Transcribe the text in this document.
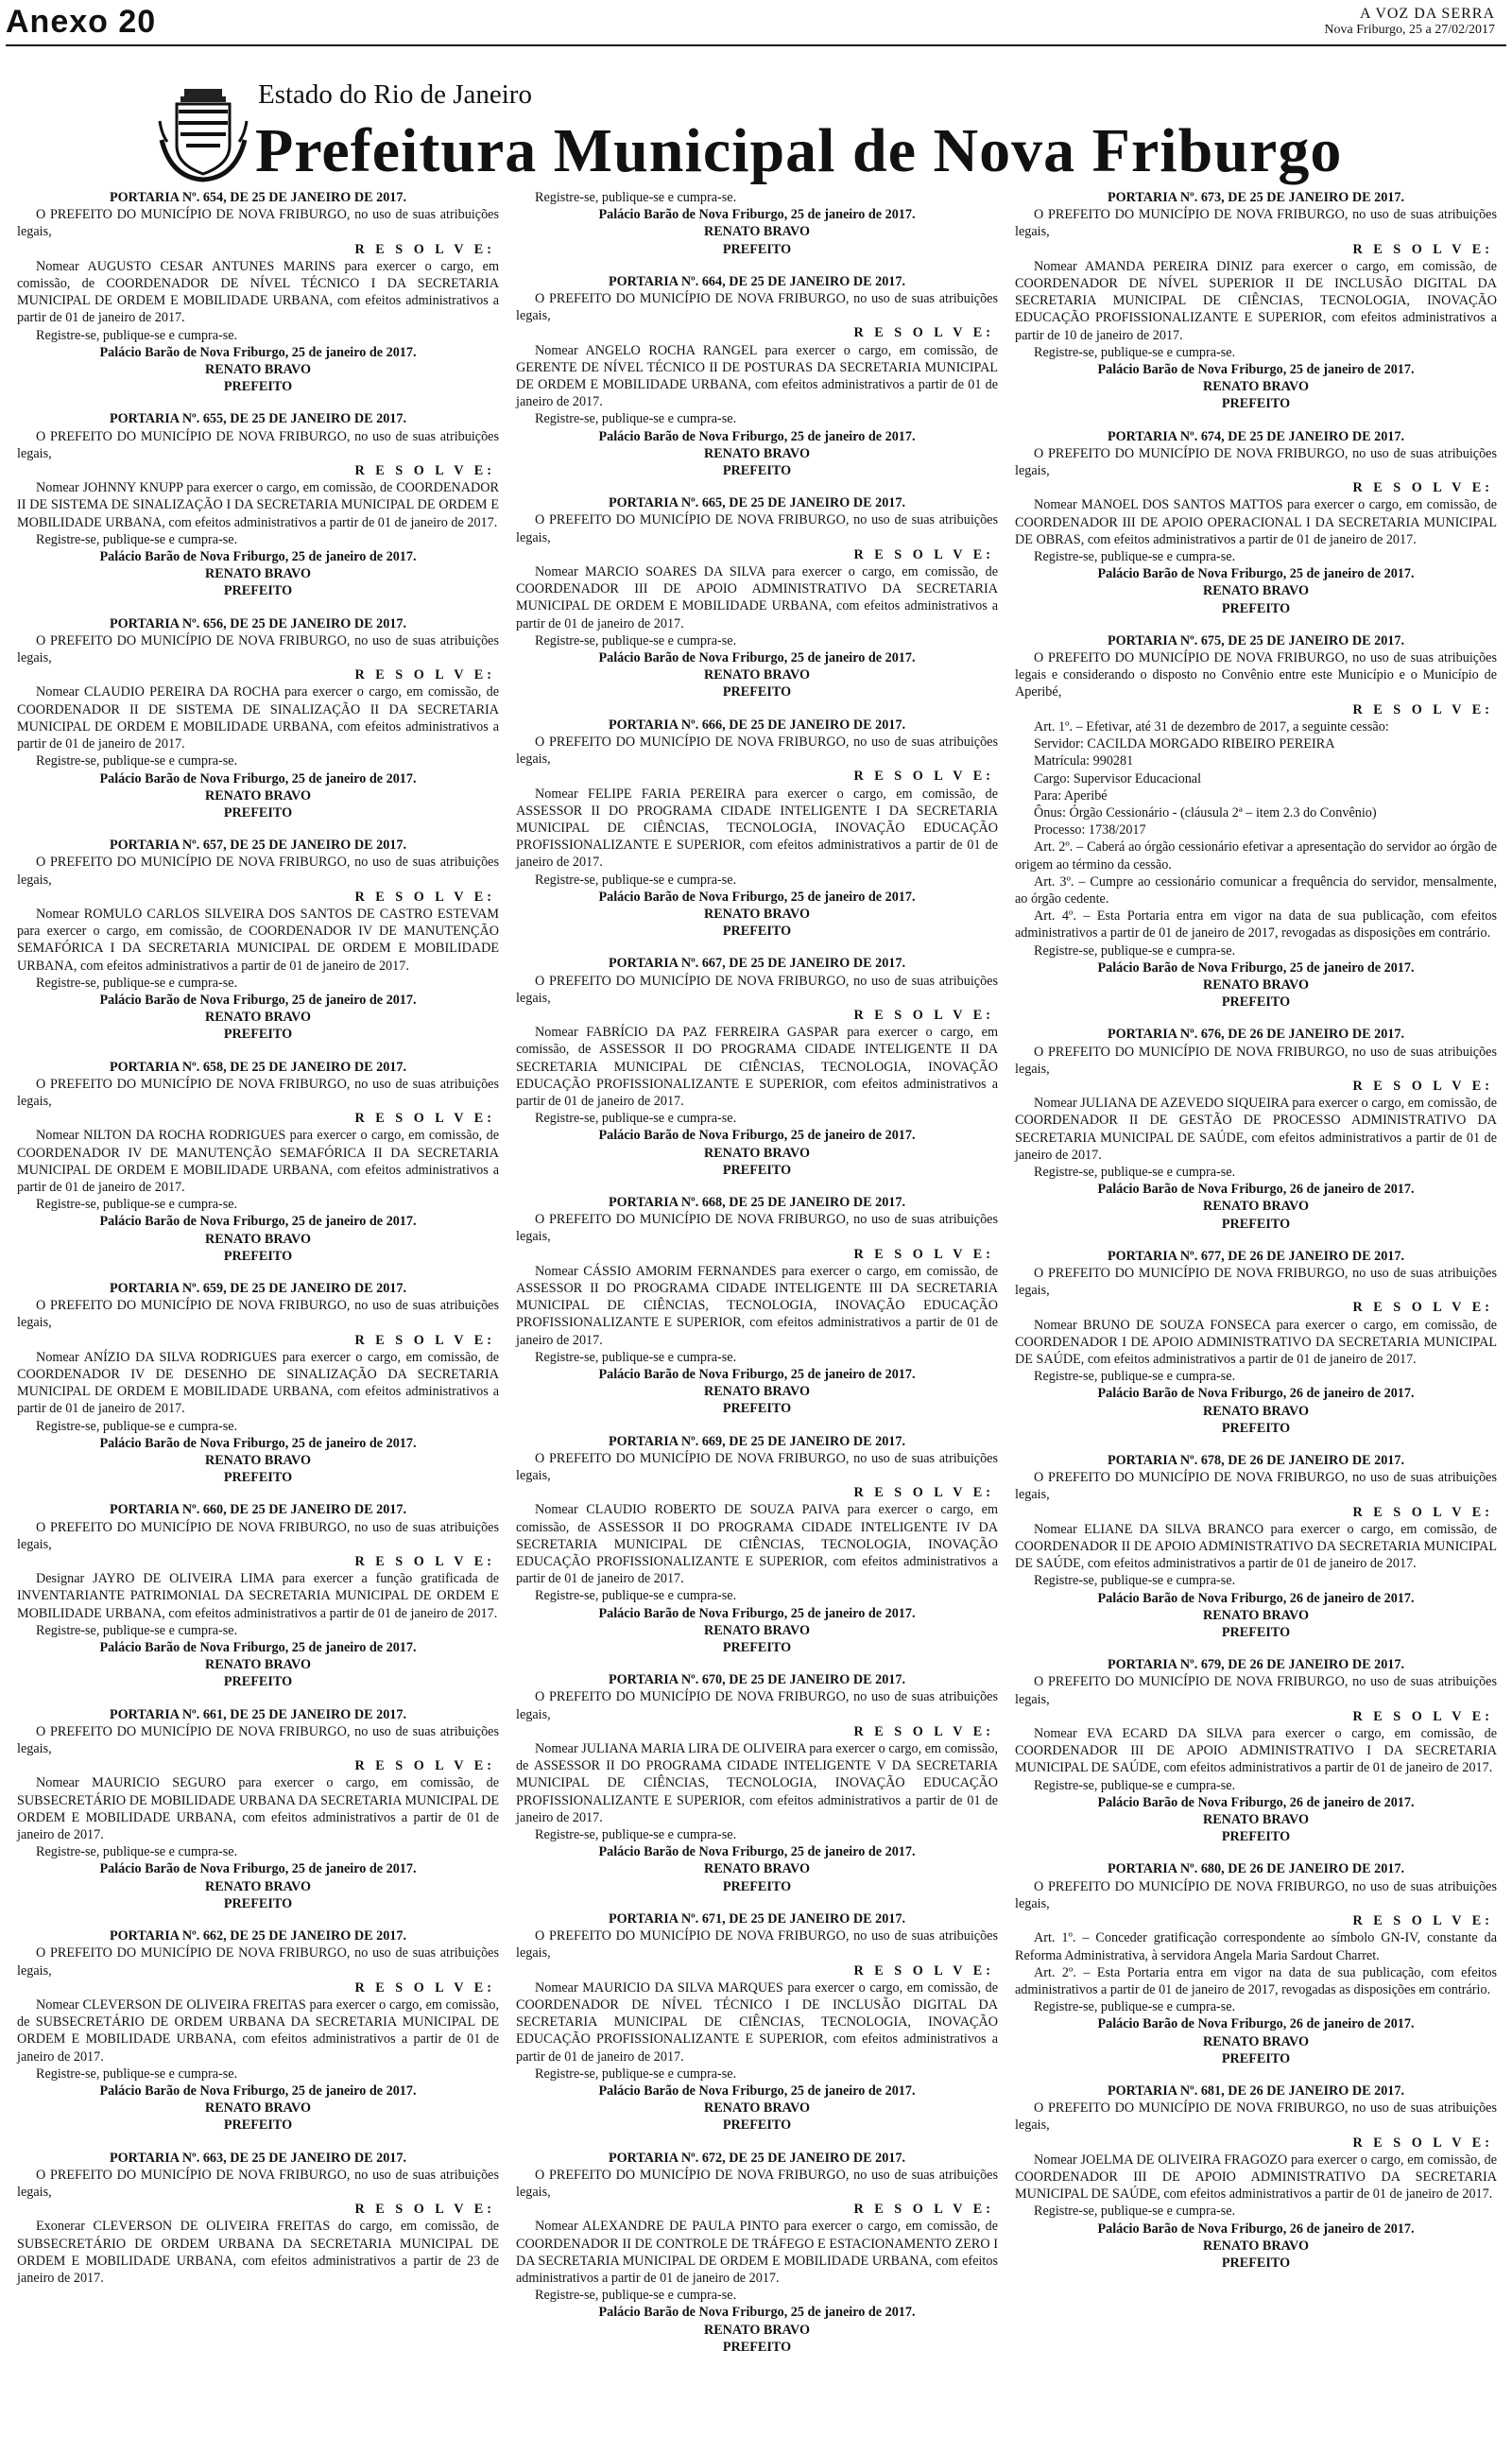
Anexo 20	A VOZ DA SERRA
Nova Friburgo, 25 a 27/02/2017
Estado do Rio de Janeiro
Prefeitura Municipal de Nova Friburgo
PORTARIA Nº. 654, DE 25 DE JANEIRO DE 2017.
O PREFEITO DO MUNICÍPIO DE NOVA FRIBURGO, no uso de suas atribuições legais,
R E S O L V E:
Nomear AUGUSTO CESAR ANTUNES MARINS para exercer o cargo, em comissão, de COORDENADOR DE NÍVEL TÉCNICO I DA SECRETARIA MUNICIPAL DE ORDEM E MOBILIDADE URBANA, com efeitos administrativos a partir de 01 de janeiro de 2017.
Registre-se, publique-se e cumpra-se.
Palácio Barão de Nova Friburgo, 25 de janeiro de 2017.
RENATO BRAVO
PREFEITO
PORTARIA Nº. 655, DE 25 DE JANEIRO DE 2017.
O PREFEITO DO MUNICÍPIO DE NOVA FRIBURGO, no uso de suas atribuições legais,
R E S O L V E:
Nomear JOHNNY KNUPP para exercer o cargo, em comissão, de COORDENADOR II DE SISTEMA DE SINALIZAÇÃO I DA SECRETARIA MUNICIPAL DE ORDEM E MOBILIDADE URBANA, com efeitos administrativos a partir de 01 de janeiro de 2017.
Registre-se, publique-se e cumpra-se.
Palácio Barão de Nova Friburgo, 25 de janeiro de 2017.
RENATO BRAVO
PREFEITO
PORTARIA Nº. 656, DE 25 DE JANEIRO DE 2017.
O PREFEITO DO MUNICÍPIO DE NOVA FRIBURGO, no uso de suas atribuições legais,
R E S O L V E:
Nomear CLAUDIO PEREIRA DA ROCHA para exercer o cargo, em comissão, de COORDENADOR II DE SISTEMA DE SINALIZAÇÃO II DA SECRETARIA MUNICIPAL DE ORDEM E MOBILIDADE URBANA, com efeitos administrativos a partir de 01 de janeiro de 2017.
Registre-se, publique-se e cumpra-se.
Palácio Barão de Nova Friburgo, 25 de janeiro de 2017.
RENATO BRAVO
PREFEITO
PORTARIA Nº. 657, DE 25 DE JANEIRO DE 2017.
O PREFEITO DO MUNICÍPIO DE NOVA FRIBURGO, no uso de suas atribuições legais,
R E S O L V E:
Nomear ROMULO CARLOS SILVEIRA DOS SANTOS DE CASTRO ESTEVAM para exercer o cargo, em comissão, de COORDENADOR IV DE MANUTENÇÃO SEMAFÓRICA I DA SECRETARIA MUNICIPAL DE ORDEM E MOBILIDADE URBANA, com efeitos administrativos a partir de 01 de janeiro de 2017.
Registre-se, publique-se e cumpra-se.
Palácio Barão de Nova Friburgo, 25 de janeiro de 2017.
RENATO BRAVO
PREFEITO
PORTARIA Nº. 658, DE 25 DE JANEIRO DE 2017.
O PREFEITO DO MUNICÍPIO DE NOVA FRIBURGO, no uso de suas atribuições legais,
R E S O L V E:
Nomear NILTON DA ROCHA RODRIGUES para exercer o cargo, em comissão, de COORDENADOR IV DE MANUTENÇÃO SEMAFÓRICA II DA SECRETARIA MUNICIPAL DE ORDEM E MOBILIDADE URBANA, com efeitos administrativos a partir de 01 de janeiro de 2017.
Registre-se, publique-se e cumpra-se.
Palácio Barão de Nova Friburgo, 25 de janeiro de 2017.
RENATO BRAVO
PREFEITO
PORTARIA Nº. 659, DE 25 DE JANEIRO DE 2017.
O PREFEITO DO MUNICÍPIO DE NOVA FRIBURGO, no uso de suas atribuições legais,
R E S O L V E:
Nomear ANÍZIO DA SILVA RODRIGUES para exercer o cargo, em comissão, de COORDENADOR IV DE DESENHO DE SINALIZAÇÃO DA SECRETARIA MUNICIPAL DE ORDEM E MOBILIDADE URBANA, com efeitos administrativos a partir de 01 de janeiro de 2017.
Registre-se, publique-se e cumpra-se.
Palácio Barão de Nova Friburgo, 25 de janeiro de 2017.
RENATO BRAVO
PREFEITO
PORTARIA Nº. 660, DE 25 DE JANEIRO DE 2017.
O PREFEITO DO MUNICÍPIO DE NOVA FRIBURGO, no uso de suas atribuições legais,
R E S O L V E:
Designar JAYRO DE OLIVEIRA LIMA para exercer a função gratificada de INVENTARIANTE PATRIMONIAL DA SECRETARIA MUNICIPAL DE ORDEM E MOBILIDADE URBANA, com efeitos administrativos a partir de 01 de janeiro de 2017.
Registre-se, publique-se e cumpra-se.
Palácio Barão de Nova Friburgo, 25 de janeiro de 2017.
RENATO BRAVO
PREFEITO
PORTARIA Nº. 661, DE 25 DE JANEIRO DE 2017.
O PREFEITO DO MUNICÍPIO DE NOVA FRIBURGO, no uso de suas atribuições legais,
R E S O L V E:
Nomear MAURICIO SEGURO para exercer o cargo, em comissão, de SUBSECRETÁRIO DE MOBILIDADE URBANA DA SECRETARIA MUNICIPAL DE ORDEM E MOBILIDADE URBANA, com efeitos administrativos a partir de 01 de janeiro de 2017.
Registre-se, publique-se e cumpra-se.
Palácio Barão de Nova Friburgo, 25 de janeiro de 2017.
RENATO BRAVO
PREFEITO
PORTARIA Nº. 662, DE 25 DE JANEIRO DE 2017.
O PREFEITO DO MUNICÍPIO DE NOVA FRIBURGO, no uso de suas atribuições legais,
R E S O L V E:
Nomear CLEVERSON DE OLIVEIRA FREITAS para exercer o cargo, em comissão, de SUBSECRETÁRIO DE ORDEM URBANA DA SECRETARIA MUNICIPAL DE ORDEM E MOBILIDADE URBANA, com efeitos administrativos a partir de 01 de janeiro de 2017.
Registre-se, publique-se e cumpra-se.
Palácio Barão de Nova Friburgo, 25 de janeiro de 2017.
RENATO BRAVO
PREFEITO
PORTARIA Nº. 663, DE 25 DE JANEIRO DE 2017.
O PREFEITO DO MUNICÍPIO DE NOVA FRIBURGO, no uso de suas atribuições legais,
R E S O L V E:
Exonerar CLEVERSON DE OLIVEIRA FREITAS do cargo, em comissão, de SUBSECRETÁRIO DE ORDEM URBANA DA SECRETARIA MUNICIPAL DE ORDEM E MOBILIDADE URBANA, com efeitos administrativos a partir de 23 de janeiro de 2017.
Registre-se, publique-se e cumpra-se.
Palácio Barão de Nova Friburgo, 25 de janeiro de 2017.
RENATO BRAVO
PREFEITO
PORTARIA Nº. 664, DE 25 DE JANEIRO DE 2017.
O PREFEITO DO MUNICÍPIO DE NOVA FRIBURGO, no uso de suas atribuições legais,
R E S O L V E:
Nomear ANGELO ROCHA RANGEL para exercer o cargo, em comissão, de GERENTE DE NÍVEL TÉCNICO II DE POSTURAS DA SECRETARIA MUNICIPAL DE ORDEM E MOBILIDADE URBANA, com efeitos administrativos a partir de 01 de janeiro de 2017.
Registre-se, publique-se e cumpra-se.
Palácio Barão de Nova Friburgo, 25 de janeiro de 2017.
RENATO BRAVO
PREFEITO
PORTARIA Nº. 665, DE 25 DE JANEIRO DE 2017.
O PREFEITO DO MUNICÍPIO DE NOVA FRIBURGO, no uso de suas atribuições legais,
R E S O L V E:
Nomear MARCIO SOARES DA SILVA para exercer o cargo, em comissão, de COORDENADOR III DE APOIO ADMINISTRATIVO DA SECRETARIA MUNICIPAL DE ORDEM E MOBILIDADE URBANA, com efeitos administrativos a partir de 01 de janeiro de 2017.
Registre-se, publique-se e cumpra-se.
Palácio Barão de Nova Friburgo, 25 de janeiro de 2017.
RENATO BRAVO
PREFEITO
PORTARIA Nº. 666, DE 25 DE JANEIRO DE 2017.
O PREFEITO DO MUNICÍPIO DE NOVA FRIBURGO, no uso de suas atribuições legais,
R E S O L V E:
Nomear FELIPE FARIA PEREIRA para exercer o cargo, em comissão, de ASSESSOR II DO PROGRAMA CIDADE INTELIGENTE I DA SECRETARIA MUNICIPAL DE CIÊNCIAS, TECNOLOGIA, INOVAÇÃO EDUCAÇÃO PROFISSIONALIZANTE E SUPERIOR, com efeitos administrativos a partir de 01 de janeiro de 2017.
Registre-se, publique-se e cumpra-se.
Palácio Barão de Nova Friburgo, 25 de janeiro de 2017.
RENATO BRAVO
PREFEITO
PORTARIA Nº. 667, DE 25 DE JANEIRO DE 2017.
O PREFEITO DO MUNICÍPIO DE NOVA FRIBURGO, no uso de suas atribuições legais,
R E S O L V E:
Nomear FABRÍCIO DA PAZ FERREIRA GASPAR para exercer o cargo, em comissão, de ASSESSOR II DO PROGRAMA CIDADE INTELIGENTE II DA SECRETARIA MUNICIPAL DE CIÊNCIAS, TECNOLOGIA, INOVAÇÃO EDUCAÇÃO PROFISSIONALIZANTE E SUPERIOR, com efeitos administrativos a partir de 01 de janeiro de 2017.
Registre-se, publique-se e cumpra-se.
Palácio Barão de Nova Friburgo, 25 de janeiro de 2017.
RENATO BRAVO
PREFEITO
PORTARIA Nº. 668, DE 25 DE JANEIRO DE 2017.
O PREFEITO DO MUNICÍPIO DE NOVA FRIBURGO, no uso de suas atribuições legais,
R E S O L V E:
Nomear CÁSSIO AMORIM FERNANDES para exercer o cargo, em comissão, de ASSESSOR II DO PROGRAMA CIDADE INTELIGENTE III DA SECRETARIA MUNICIPAL DE CIÊNCIAS, TECNOLOGIA, INOVAÇÃO EDUCAÇÃO PROFISSIONALIZANTE E SUPERIOR, com efeitos administrativos a partir de 01 de janeiro de 2017.
Registre-se, publique-se e cumpra-se.
Palácio Barão de Nova Friburgo, 25 de janeiro de 2017.
RENATO BRAVO
PREFEITO
PORTARIA Nº. 669, DE 25 DE JANEIRO DE 2017.
O PREFEITO DO MUNICÍPIO DE NOVA FRIBURGO, no uso de suas atribuições legais,
R E S O L V E:
Nomear CLAUDIO ROBERTO DE SOUZA PAIVA para exercer o cargo, em comissão, de ASSESSOR II DO PROGRAMA CIDADE INTELIGENTE IV DA SECRETARIA MUNICIPAL DE CIÊNCIAS, TECNOLOGIA, INOVAÇÃO EDUCAÇÃO PROFISSIONALIZANTE E SUPERIOR, com efeitos administrativos a partir de 01 de janeiro de 2017.
Registre-se, publique-se e cumpra-se.
Palácio Barão de Nova Friburgo, 25 de janeiro de 2017.
RENATO BRAVO
PREFEITO
PORTARIA Nº. 670, DE 25 DE JANEIRO DE 2017.
O PREFEITO DO MUNICÍPIO DE NOVA FRIBURGO, no uso de suas atribuições legais,
R E S O L V E:
Nomear JULIANA MARIA LIRA DE OLIVEIRA para exercer o cargo, em comissão, de ASSESSOR II DO PROGRAMA CIDADE INTELIGENTE V DA SECRETARIA MUNICIPAL DE CIÊNCIAS, TECNOLOGIA, INOVAÇÃO EDUCAÇÃO PROFISSIONALIZANTE E SUPERIOR, com efeitos administrativos a partir de 01 de janeiro de 2017.
Registre-se, publique-se e cumpra-se.
Palácio Barão de Nova Friburgo, 25 de janeiro de 2017.
RENATO BRAVO
PREFEITO
PORTARIA Nº. 671, DE 25 DE JANEIRO DE 2017.
O PREFEITO DO MUNICÍPIO DE NOVA FRIBURGO, no uso de suas atribuições legais,
R E S O L V E:
Nomear MAURICIO DA SILVA MARQUES para exercer o cargo, em comissão, de COORDENADOR DE NÍVEL TÉCNICO I DE INCLUSÃO DIGITAL DA SECRETARIA MUNICIPAL DE CIÊNCIAS, TECNOLOGIA, INOVAÇÃO EDUCAÇÃO PROFISSIONALIZANTE E SUPERIOR, com efeitos administrativos a partir de 01 de janeiro de 2017.
Registre-se, publique-se e cumpra-se.
Palácio Barão de Nova Friburgo, 25 de janeiro de 2017.
RENATO BRAVO
PREFEITO
PORTARIA Nº. 672, DE 25 DE JANEIRO DE 2017.
O PREFEITO DO MUNICÍPIO DE NOVA FRIBURGO, no uso de suas atribuições legais,
R E S O L V E:
Nomear ALEXANDRE DE PAULA PINTO para exercer o cargo, em comissão, de COORDENADOR II DE CONTROLE DE TRÁFEGO E ESTACIONAMENTO ZERO I DA SECRETARIA MUNICIPAL DE ORDEM E MOBILIDADE URBANA, com efeitos administrativos a partir de 01 de janeiro de 2017.
Registre-se, publique-se e cumpra-se.
Palácio Barão de Nova Friburgo, 25 de janeiro de 2017.
RENATO BRAVO
PREFEITO
PORTARIA Nº. 673, DE 25 DE JANEIRO DE 2017.
O PREFEITO DO MUNICÍPIO DE NOVA FRIBURGO, no uso de suas atribuições legais,
R E S O L V E:
Nomear AMANDA PEREIRA DINIZ para exercer o cargo, em comissão, de COORDENADOR DE NÍVEL SUPERIOR II DE INCLUSÃO DIGITAL DA SECRETARIA MUNICIPAL DE CIÊNCIAS, TECNOLOGIA, INOVAÇÃO EDUCAÇÃO PROFISSIONALIZANTE E SUPERIOR, com efeitos administrativos a partir de 10 de janeiro de 2017.
Registre-se, publique-se e cumpra-se.
Palácio Barão de Nova Friburgo, 25 de janeiro de 2017.
RENATO BRAVO
PREFEITO
PORTARIA Nº. 674, DE 25 DE JANEIRO DE 2017.
O PREFEITO DO MUNICÍPIO DE NOVA FRIBURGO, no uso de suas atribuições legais,
R E S O L V E:
Nomear MANOEL DOS SANTOS MATTOS para exercer o cargo, em comissão, de COORDENADOR III DE APOIO OPERACIONAL I DA SECRETARIA MUNICIPAL DE OBRAS, com efeitos administrativos a partir de 01 de janeiro de 2017.
Registre-se, publique-se e cumpra-se.
Palácio Barão de Nova Friburgo, 25 de janeiro de 2017.
RENATO BRAVO
PREFEITO
PORTARIA Nº. 675, DE 25 DE JANEIRO DE 2017.
O PREFEITO DO MUNICÍPIO DE NOVA FRIBURGO, no uso de suas atribuições legais e considerando o disposto no Convênio entre este Município e o Município de Aperibé,
R E S O L V E:
Art. 1º. – Efetivar, até 31 de dezembro de 2017, a seguinte cessão:
Servidor: CACILDA MORGADO RIBEIRO PEREIRA
Matrícula: 990281
Cargo: Supervisor Educacional
Para: Aperibé
Ônus: Órgão Cessionário - (cláusula 2ª – item 2.3 do Convênio)
Processo: 1738/2017
Art. 2º. – Caberá ao órgão cessionário efetivar a apresentação do servidor ao órgão de origem ao término da cessão.
Art. 3º. – Cumpre ao cessionário comunicar a frequência do servidor, mensalmente, ao órgão cedente.
Art. 4º. – Esta Portaria entra em vigor na data de sua publicação, com efeitos administrativos a partir de 01 de janeiro de 2017, revogadas as disposições em contrário.
Registre-se, publique-se e cumpra-se.
Palácio Barão de Nova Friburgo, 25 de janeiro de 2017.
RENATO BRAVO
PREFEITO
PORTARIA Nº. 676, DE 26 DE JANEIRO DE 2017.
O PREFEITO DO MUNICÍPIO DE NOVA FRIBURGO, no uso de suas atribuições legais,
R E S O L V E:
Nomear JULIANA DE AZEVEDO SIQUEIRA para exercer o cargo, em comissão, de COORDENADOR II DE GESTÃO DE PROCESSO ADMINISTRATIVO DA SECRETARIA MUNICIPAL DE SAÚDE, com efeitos administrativos a partir de 01 de janeiro de 2017.
Registre-se, publique-se e cumpra-se.
Palácio Barão de Nova Friburgo, 26 de janeiro de 2017.
RENATO BRAVO
PREFEITO
PORTARIA Nº. 677, DE 26 DE JANEIRO DE 2017.
O PREFEITO DO MUNICÍPIO DE NOVA FRIBURGO, no uso de suas atribuições legais,
R E S O L V E:
Nomear BRUNO DE SOUZA FONSECA para exercer o cargo, em comissão, de COORDENADOR I DE APOIO ADMINISTRATIVO DA SECRETARIA MUNICIPAL DE SAÚDE, com efeitos administrativos a partir de 01 de janeiro de 2017.
Registre-se, publique-se e cumpra-se.
Palácio Barão de Nova Friburgo, 26 de janeiro de 2017.
RENATO BRAVO
PREFEITO
PORTARIA Nº. 678, DE 26 DE JANEIRO DE 2017.
O PREFEITO DO MUNICÍPIO DE NOVA FRIBURGO, no uso de suas atribuições legais,
R E S O L V E:
Nomear ELIANE DA SILVA BRANCO para exercer o cargo, em comissão, de COORDENADOR II DE APOIO ADMINISTRATIVO DA SECRETARIA MUNICIPAL DE SAÚDE, com efeitos administrativos a partir de 01 de janeiro de 2017.
Registre-se, publique-se e cumpra-se.
Palácio Barão de Nova Friburgo, 26 de janeiro de 2017.
RENATO BRAVO
PREFEITO
PORTARIA Nº. 679, DE 26 DE JANEIRO DE 2017.
O PREFEITO DO MUNICÍPIO DE NOVA FRIBURGO, no uso de suas atribuições legais,
R E S O L V E:
Nomear EVA ECARD DA SILVA para exercer o cargo, em comissão, de COORDENADOR III DE APOIO ADMINISTRATIVO I DA SECRETARIA MUNICIPAL DE SAÚDE, com efeitos administrativos a partir de 01 de janeiro de 2017.
Registre-se, publique-se e cumpra-se.
Palácio Barão de Nova Friburgo, 26 de janeiro de 2017.
RENATO BRAVO
PREFEITO
PORTARIA Nº. 680, DE 26 DE JANEIRO DE 2017.
O PREFEITO DO MUNICÍPIO DE NOVA FRIBURGO, no uso de suas atribuições legais,
R E S O L V E:
Art. 1º. – Conceder gratificação correspondente ao símbolo GN-IV, constante da Reforma Administrativa, à servidora Angela Maria Sardout Charret.
Art. 2º. – Esta Portaria entra em vigor na data de sua publicação, com efeitos administrativos a partir de 01 de janeiro de 2017, revogadas as disposições em contrário.
Registre-se, publique-se e cumpra-se.
Palácio Barão de Nova Friburgo, 26 de janeiro de 2017.
RENATO BRAVO
PREFEITO
PORTARIA Nº. 681, DE 26 DE JANEIRO DE 2017.
O PREFEITO DO MUNICÍPIO DE NOVA FRIBURGO, no uso de suas atribuições legais,
R E S O L V E:
Nomear JOELMA DE OLIVEIRA FRAGOZO para exercer o cargo, em comissão, de COORDENADOR III DE APOIO ADMINISTRATIVO DA SECRETARIA MUNICIPAL DE SAÚDE, com efeitos administrativos a partir de 01 de janeiro de 2017.
Registre-se, publique-se e cumpra-se.
Palácio Barão de Nova Friburgo, 26 de janeiro de 2017.
RENATO BRAVO
PREFEITO
